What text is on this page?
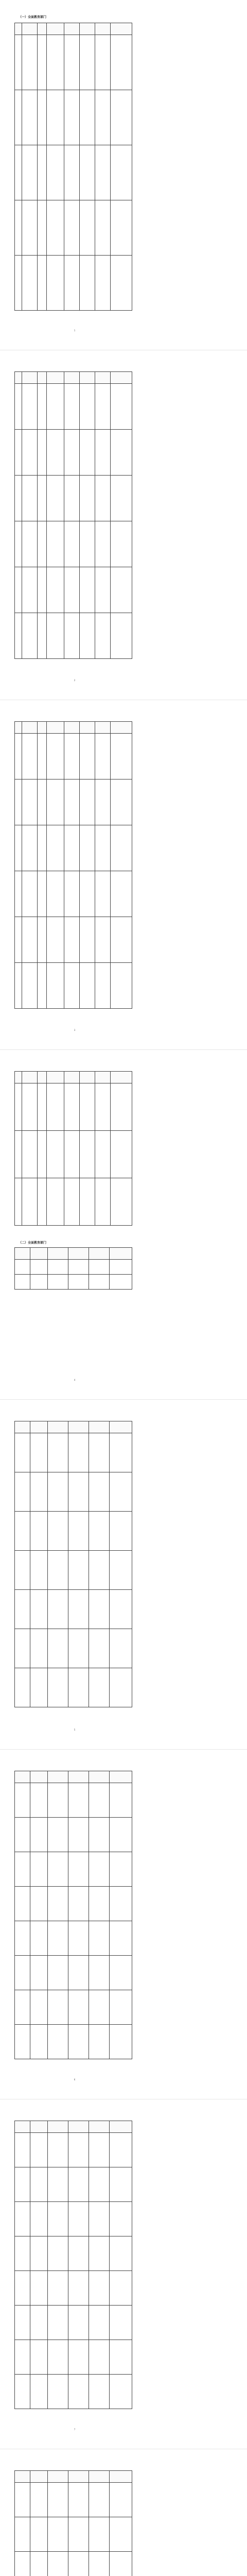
（一）全面教育部门

1

2

3

（二）全面教育部门

4

5

6

7
